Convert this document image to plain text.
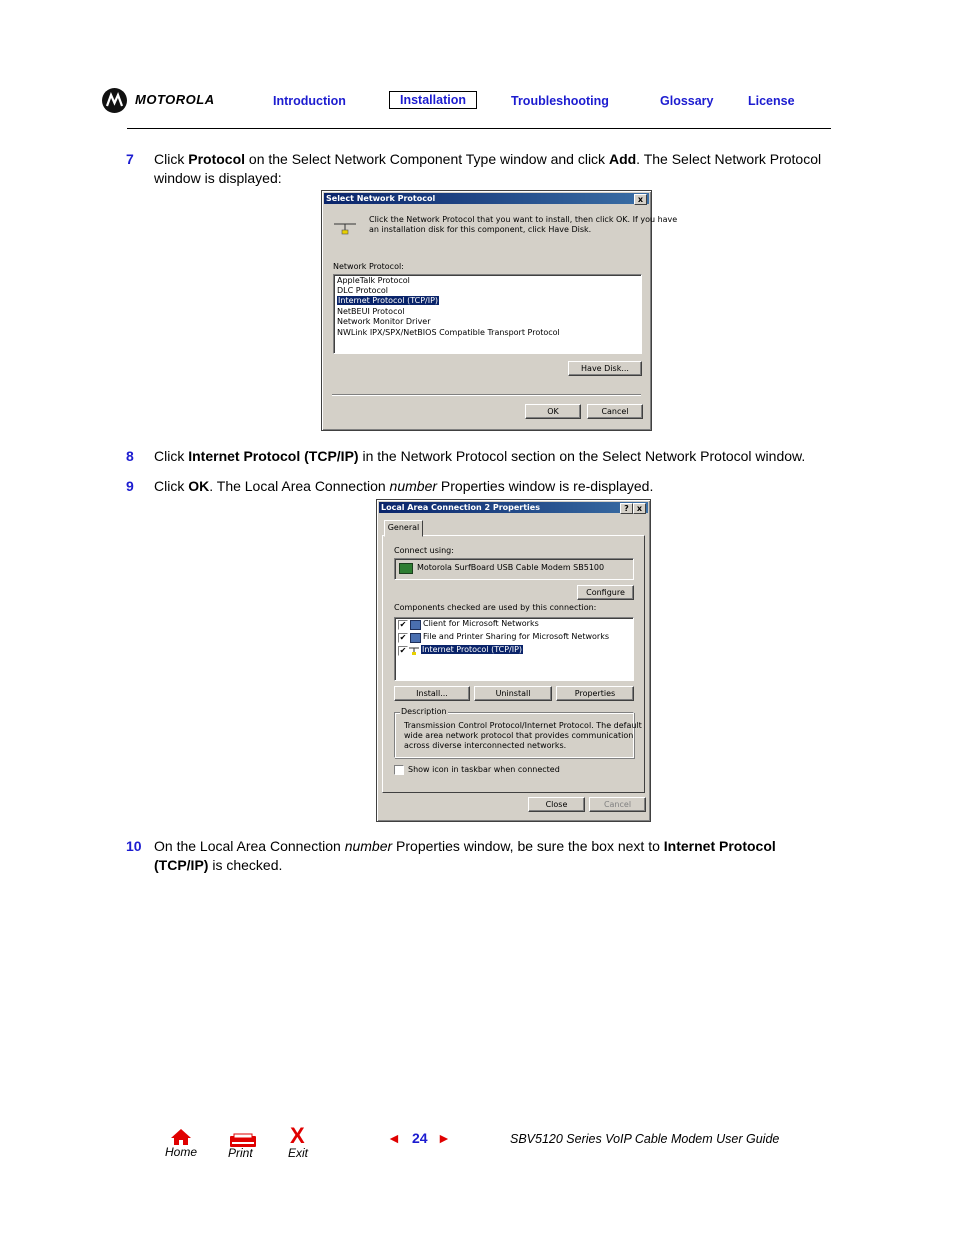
MOTOROLA	Introduction	Installation	Troubleshooting	Glossary	License
7 Click Protocol on the Select Network Component Type window and click Add. The Select Network Protocol
window is displayed:
Select Network Protocol	x
Click the Network Protocol that you want to install, then click OK. If you have
an installation disk for this component, click Have Disk.
Network Protocol:
AppleTalk Protocol
DLC Protocol
Internet Protocol (TCP/IP)
NetBEUI Protocol
Network Monitor Driver
NWLink IPX/SPX/NetBIOS Compatible Transport Protocol
Have Disk...
OK	Cancel
8 Click Internet Protocol (TCP/IP) in the Network Protocol section on the Select Network Protocol window.
9 Click OK. The Local Area Connection number Properties window is re-displayed.
Local Area Connection 2 Properties	?	x
General
Connect using:
Motorola SurfBoard USB Cable Modem SB5100
Configure
Components checked are used by this connection:
✔ Client for Microsoft Networks
✔ File and Printer Sharing for Microsoft Networks
✔ Internet Protocol (TCP/IP)
Install...	Uninstall	Properties
Description
Transmission Control Protocol/Internet Protocol. The default
wide area network protocol that provides communication
across diverse interconnected networks.
Show icon in taskbar when connected
Close	Cancel
10 On the Local Area Connection number Properties window, be sure the box next to Internet Protocol
(TCP/IP) is checked.
Home	Print
X
Exit
◄ 24 ►	SBV5120 Series VoIP Cable Modem User Guide
